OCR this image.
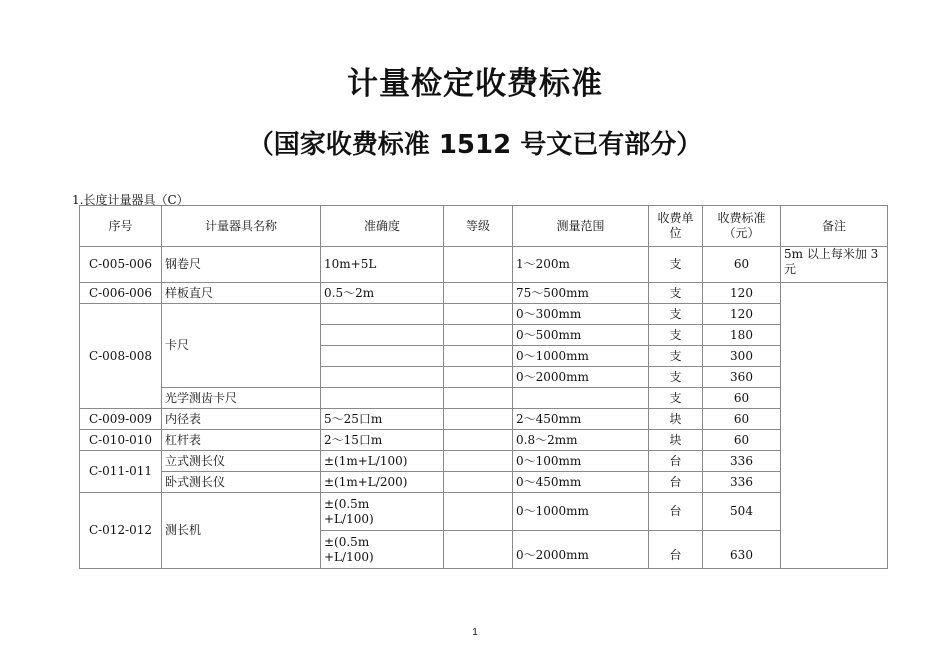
计量检定收费标准
（国家收费标准 1512 号文已有部分）
1.长度计量器具（C）
序号	计量器具名称	准确度	等级	测量范围	收费单位	收费标准（元）	备注
C-005-006	钢卷尺	10m+5L		1～200m	支	60	5m 以上每米加 3 元
C-006-006	样板直尺	0.5～2m		75～500mm	支	120	
C-008-008	卡尺			0～300mm	支	120	
				0～500mm	支	180	
				0～1000mm	支	300	
				0～2000mm	支	360	
	光学测齿卡尺				支	60	
C-009-009	内径表	5～25口m		2～450mm	块	60	
C-010-010	杠杆表	2～15口m		0.8～2mm	块	60	
C-011-011	立式测长仪	±(1m+L/100)		0～100mm	台	336	
	卧式测长仪	±(1m+L/200)		0～450mm	台	336	
C-012-012	测长机	±(0.5m
+L/100)		0～1000mm	台	504	

		±(0.5m
+L/100)		0～2000mm	台	630	
1
